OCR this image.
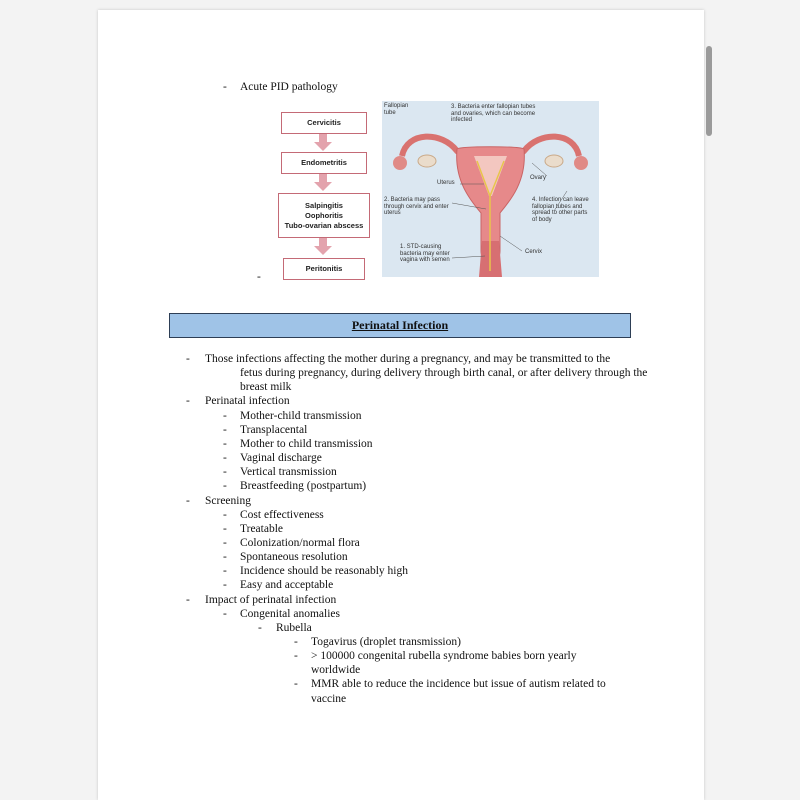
- Acute PID pathology
-
Cervicitis
Endometritis
Salpingitis
Oophoritis
Tubo-ovarian abscess
Peritonitis
Fallopian tube
3. Bacteria enter fallopian tubes and ovaries, which can become infected
Uterus
Ovary
2. Bacteria may pass through cervix and enter uterus
4. Infection can leave fallopian tubes and spread to other parts of body
Cervix
1. STD-causing bacteria may enter vagina with semen
Perinatal Infection
- Those infections affecting the mother during a pregnancy, and may be transmitted to the
fetus during pregnancy, during delivery through birth canal, or after delivery through the
breast milk
- Perinatal infection
- Mother-child transmission
- Transplacental
- Mother to child transmission
- Vaginal discharge
- Vertical transmission
- Breastfeeding (postpartum)
- Screening
- Cost effectiveness
- Treatable
- Colonization/normal flora
- Spontaneous resolution
- Incidence should be reasonably high
- Easy and acceptable
- Impact of perinatal infection
- Congenital anomalies
- Rubella
- Togavirus (droplet transmission)
- > 100000 congenital rubella syndrome babies born yearly
worldwide
- MMR able to reduce the incidence but issue of autism related to
vaccine
